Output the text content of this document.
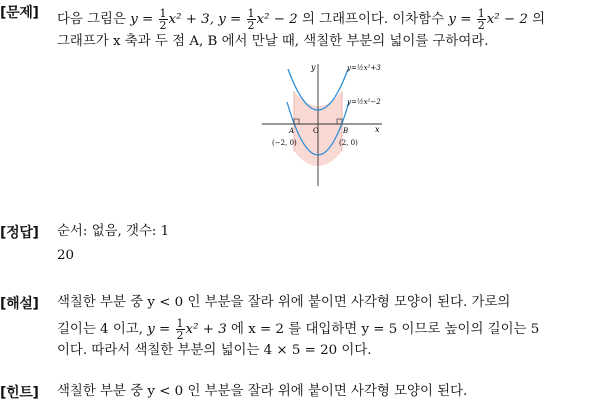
[문제] 다음 그림은 $y = \frac{1}{2} x^2 + 3$, $y = \frac{1}{2} x^2 - 2$ 의 그래프이다. 이차함수 $y = \frac{1}{2} x^2 - 2$ 의
그래프가 x 축과 두 점 A, B 에서 만날 때, 색칠한 부분의 넓이를 구하여라.
y
x
O
A	B
(−2, 0)	(2, 0)
y=½x²+3
y=½x²−2
[정답] 순서: 없음, 갯수: 1
20
[해설] 색칠한 부분 중 y < 0 인 부분을 잘라 위에 붙이면 사각형 모양이 된다. 가로의
길이는 4 이고, $y = \frac{1}{2} x^2 + 3$ 에 x = 2 를 대입하면 y = 5 이므로 높이의 길이는 5
이다. 따라서 색칠한 부분의 넓이는 4 × 5 = 20 이다.
[힌트] 색칠한 부분 중 y < 0 인 부분을 잘라 위에 붙이면 사각형 모양이 된다.
